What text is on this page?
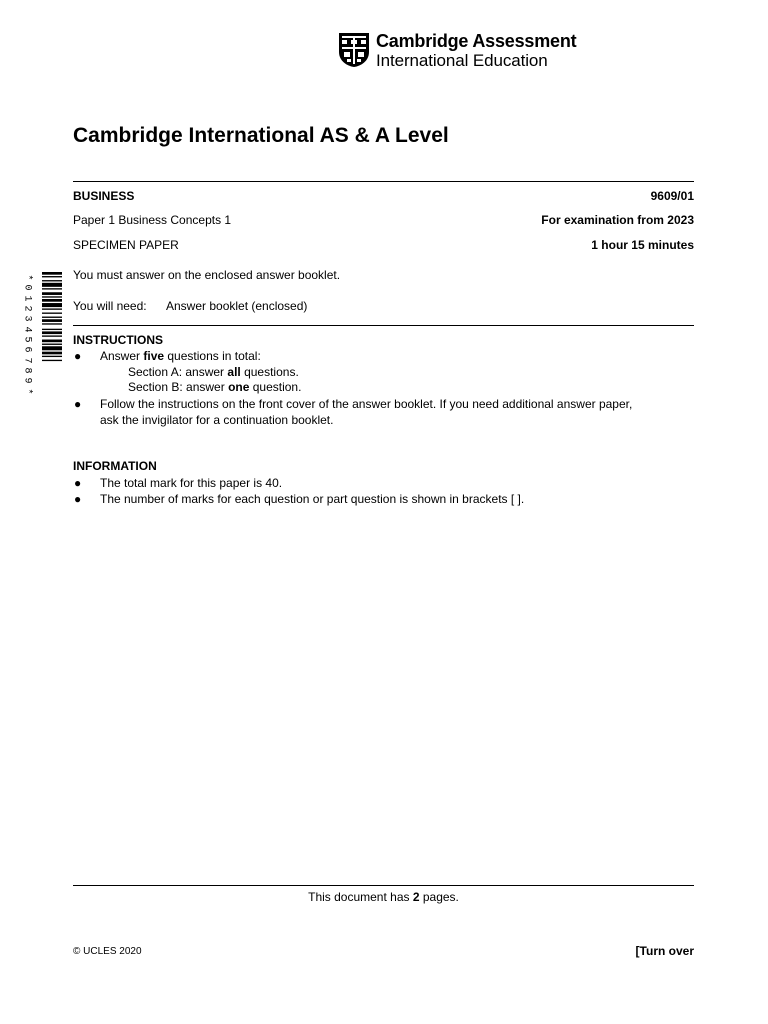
Cambridge Assessment
International Education
Cambridge International AS & A Level
BUSINESS	9609/01
Paper 1 Business Concepts 1	For examination from 2023
SPECIMEN PAPER	1 hour 15 minutes
*
0
1
2
3
4
5
6
7
8
9
*
You must answer on the enclosed answer booklet.
You will need: Answer booklet (enclosed)
INSTRUCTIONS
● Answer five questions in total:
Section A: answer all questions.
Section B: answer one question.
● Follow the instructions on the front cover of the answer booklet. If you need additional answer paper,
ask the invigilator for a continuation booklet.
INFORMATION
● The total mark for this paper is 40.
● The number of marks for each question or part question is shown in brackets [ ].
This document has 2 pages.
© UCLES 2020	[Turn over
